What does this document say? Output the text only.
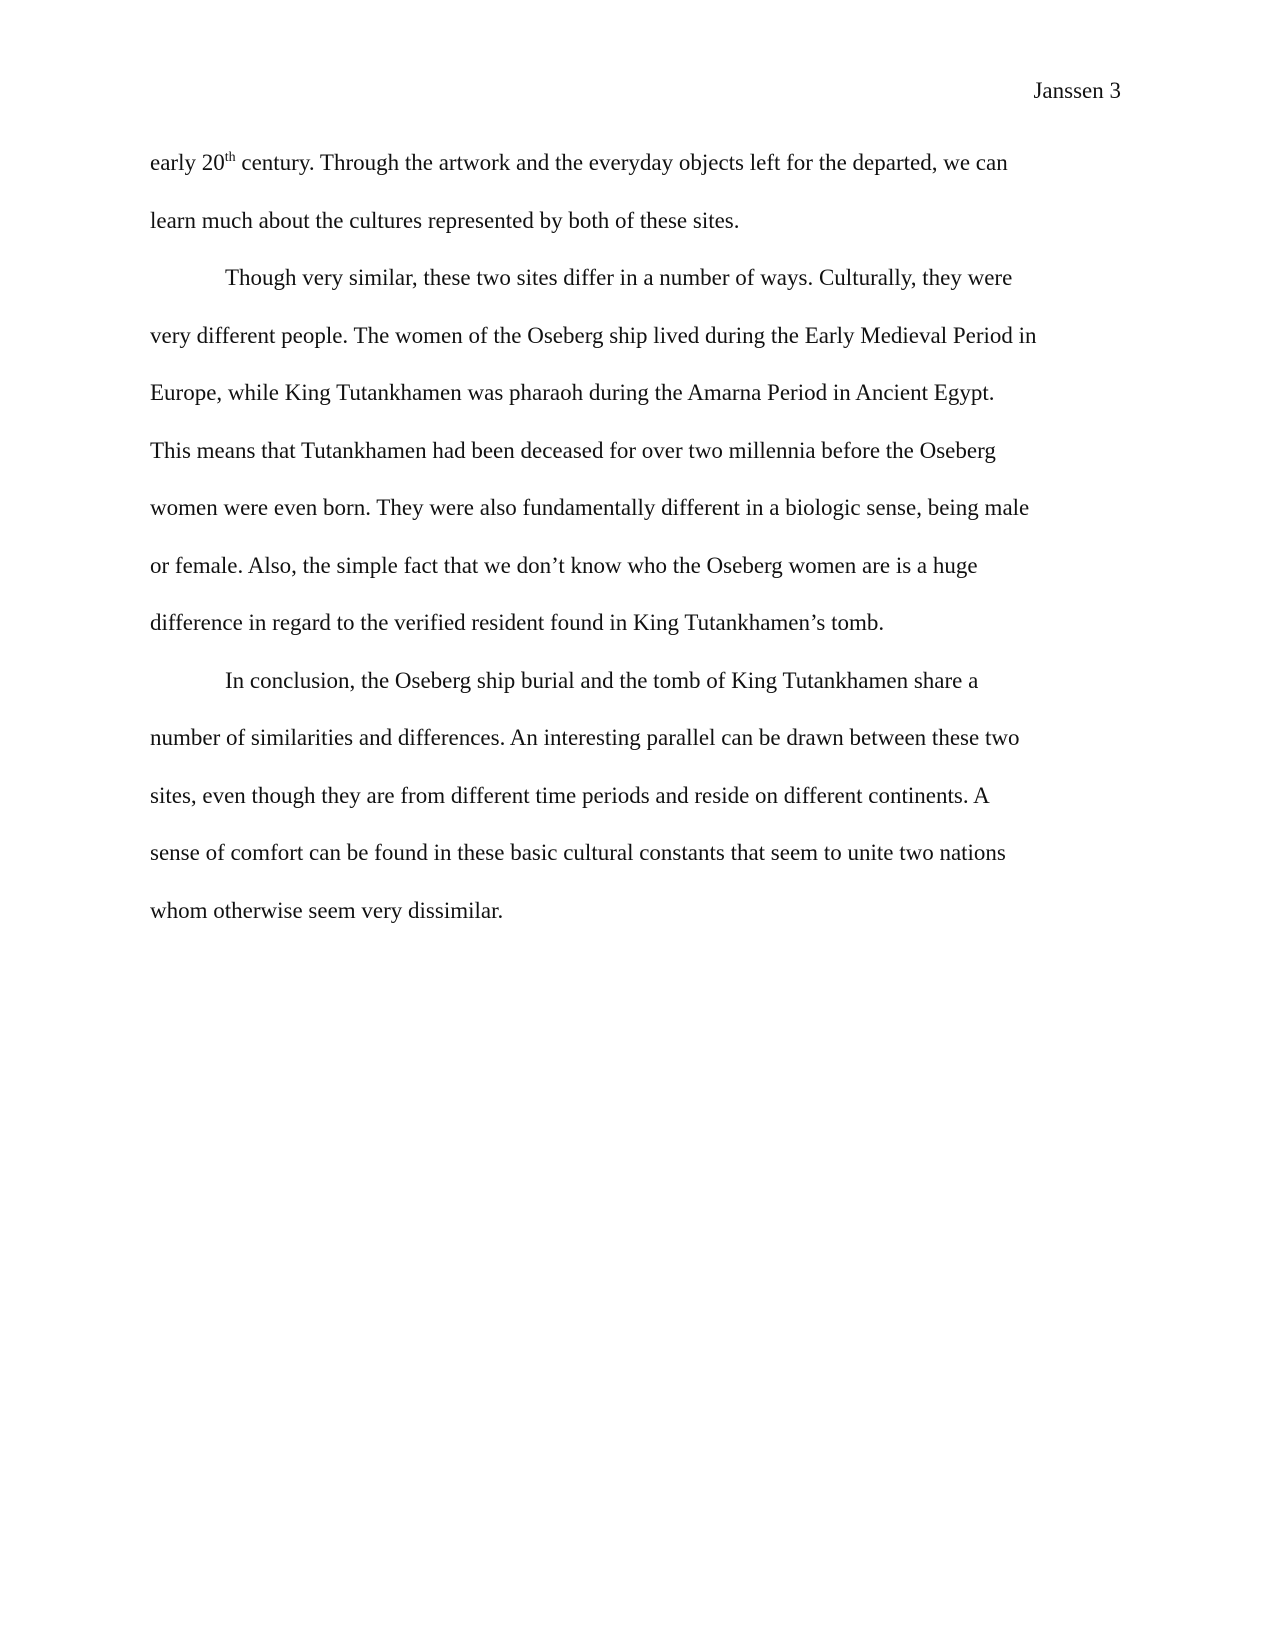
Janssen 3
early 20th century. Through the artwork and the everyday objects left for the departed, we can
learn much about the cultures represented by both of these sites.
Though very similar, these two sites differ in a number of ways. Culturally, they were
very different people. The women of the Oseberg ship lived during the Early Medieval Period in
Europe, while King Tutankhamen was pharaoh during the Amarna Period in Ancient Egypt.
This means that Tutankhamen had been deceased for over two millennia before the Oseberg
women were even born. They were also fundamentally different in a biologic sense, being male
or female. Also, the simple fact that we don’t know who the Oseberg women are is a huge
difference in regard to the verified resident found in King Tutankhamen’s tomb.
In conclusion, the Oseberg ship burial and the tomb of King Tutankhamen share a
number of similarities and differences. An interesting parallel can be drawn between these two
sites, even though they are from different time periods and reside on different continents. A
sense of comfort can be found in these basic cultural constants that seem to unite two nations
whom otherwise seem very dissimilar.
